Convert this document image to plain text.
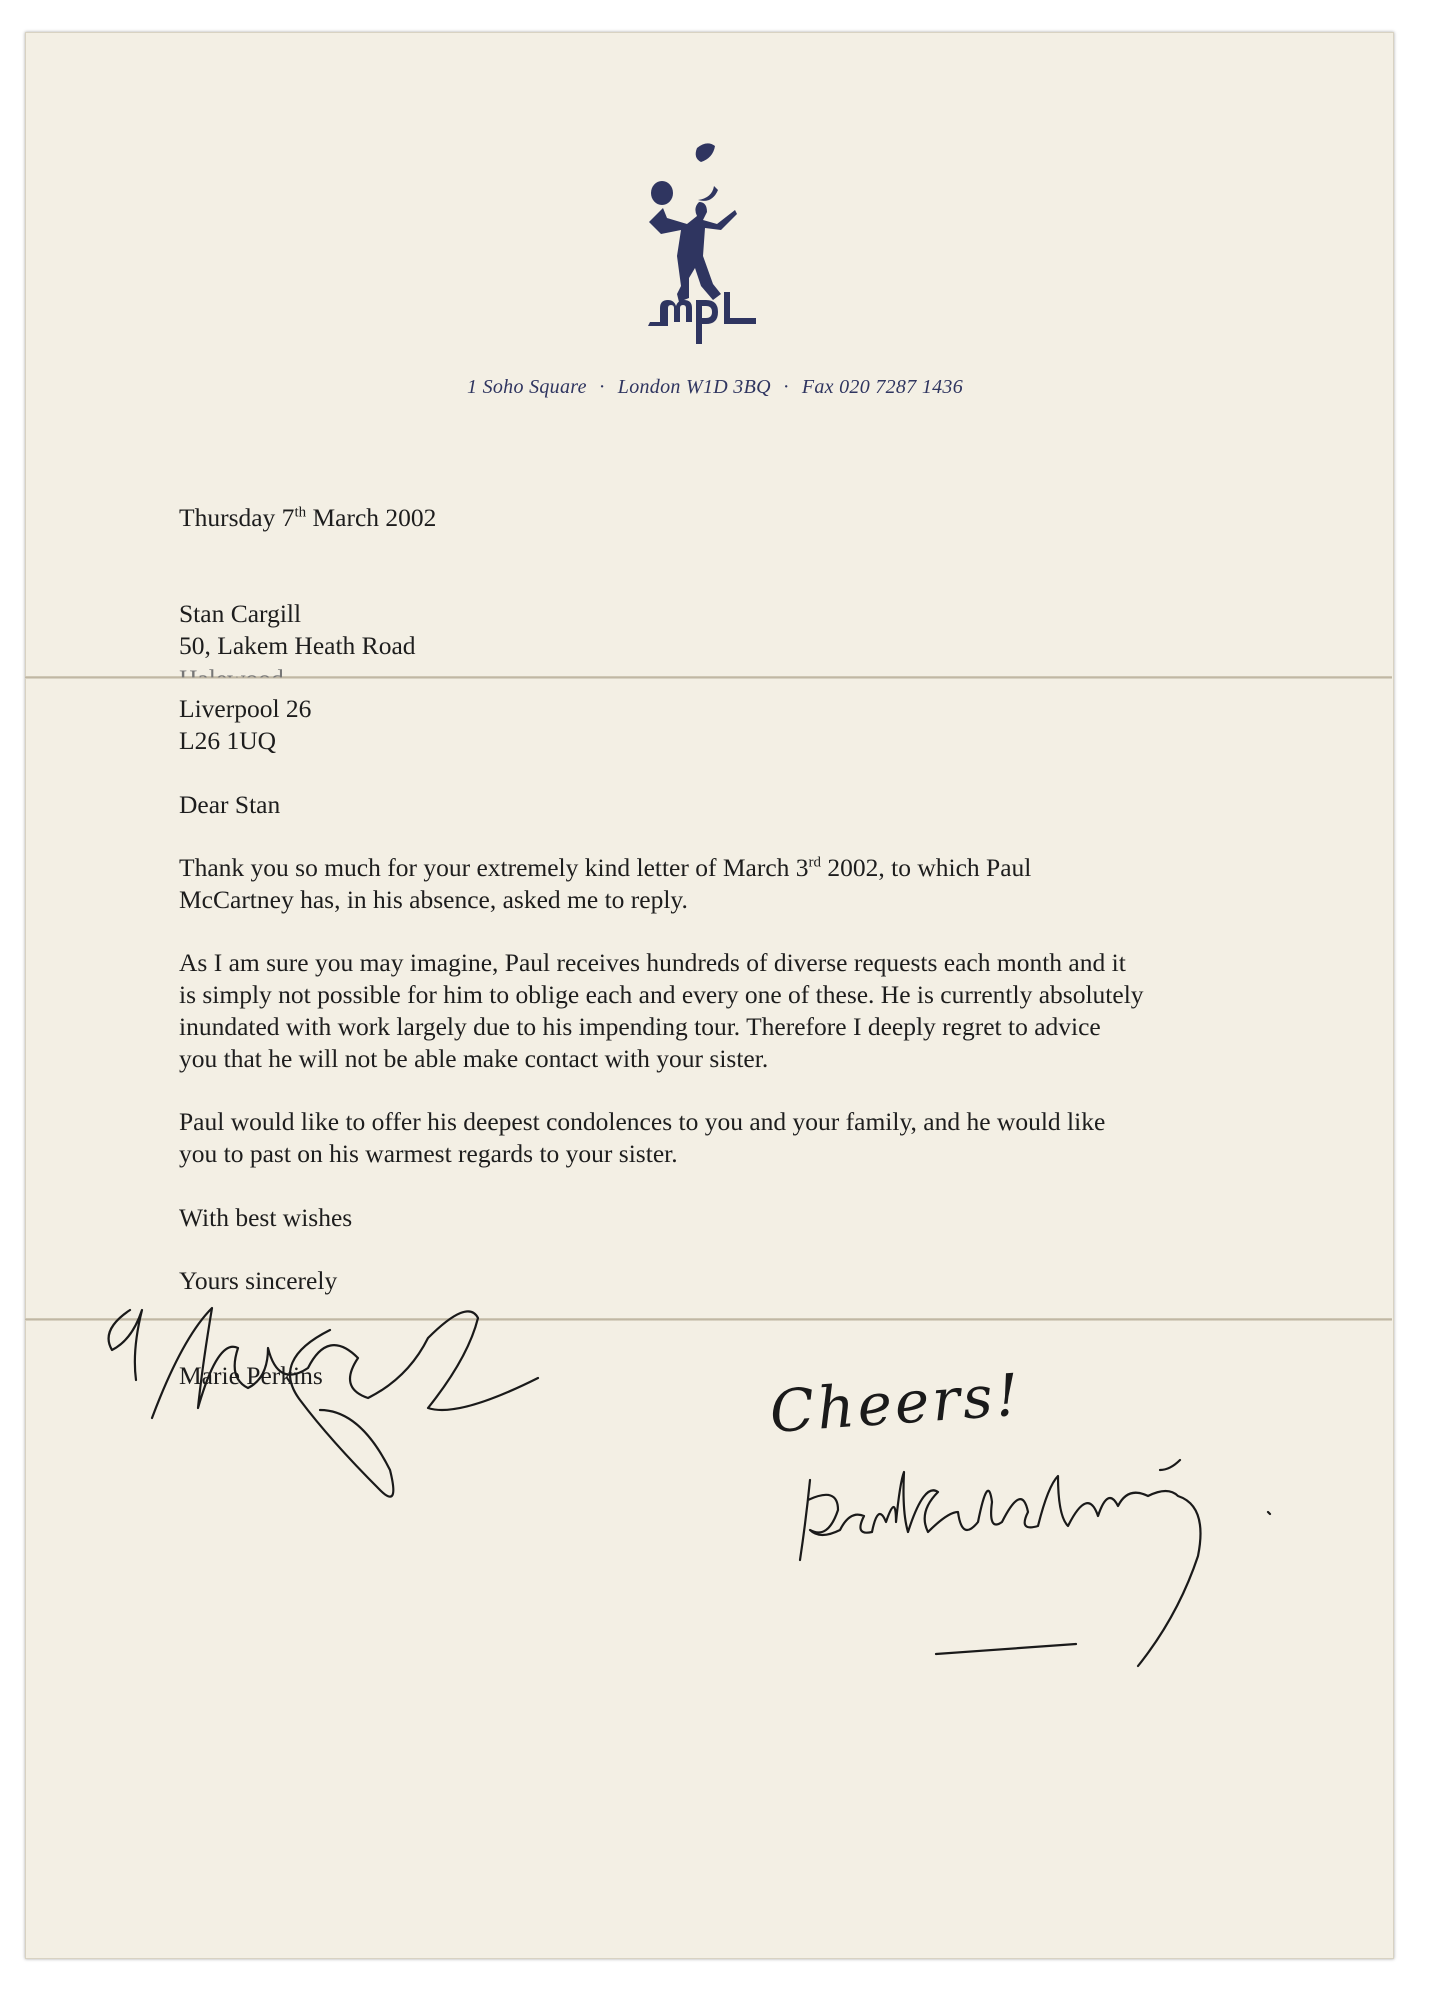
1 Soho Square · London W1D 3BQ · Fax 020 7287 1436
Thursday 7th March 2002
Stan Cargill
50, Lakem Heath Road
Liverpool 26
L26 1UQ
Dear Stan
Thank you so much for your extremely kind letter of March 3rd 2002, to which Paul
McCartney has, in his absence, asked me to reply.
As I am sure you may imagine, Paul receives hundreds of diverse requests each month and it
is simply not possible for him to oblige each and every one of these. He is currently absolutely
inundated with work largely due to his impending tour. Therefore I deeply regret to advice
you that he will not be able make contact with your sister.
Paul would like to offer his deepest condolences to you and your family, and he would like
you to past on his warmest regards to your sister.
With best wishes
Yours sincerely
Marie Perkins	Cheers!
